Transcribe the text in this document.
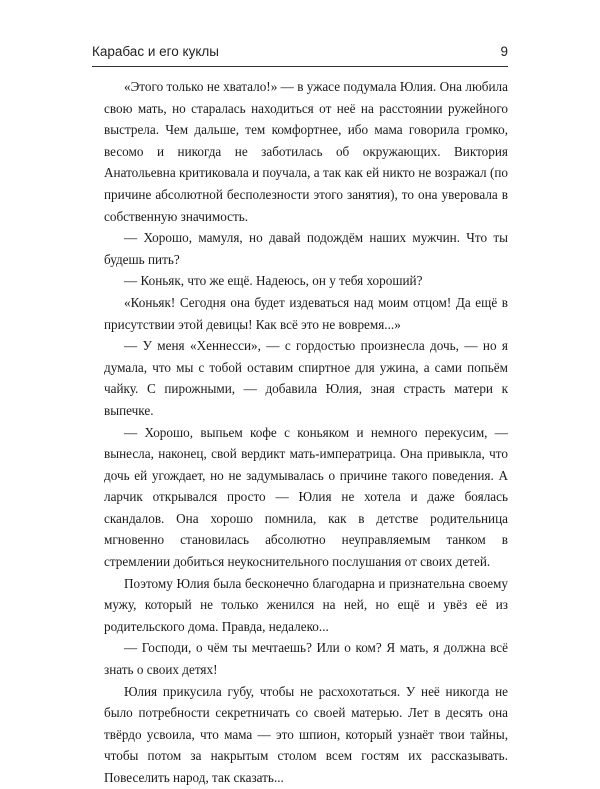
Карабас и его куклы	9

«Этого только не хватало!» — в ужасе подумала Юлия. Она любила свою мать, но старалась находиться от неё на расстоянии ружейного выстрела. Чем дальше, тем комфортнее, ибо мама говорила громко, весомо и никогда не заботилась об окружающих. Виктория Анатольевна критиковала и поучала, а так как ей никто не возражал (по причине абсолютной бесполезности этого занятия), то она уверовала в собственную значимость.

— Хорошо, мамуля, но давай подождём наших мужчин. Что ты будешь пить?

— Коньяк, что же ещё. Надеюсь, он у тебя хороший?

«Коньяк! Сегодня она будет издеваться над моим отцом! Да ещё в присутствии этой девицы! Как всё это не вовремя...»

— У меня «Хеннесси», — с гордостью произнесла дочь, — но я думала, что мы с тобой оставим спиртное для ужина, а сами попьём чайку. С пирожными, — добавила Юлия, зная страсть матери к выпечке.

— Хорошо, выпьем кофе с коньяком и немного перекусим, — вынесла, наконец, свой вердикт мать-императрица. Она привыкла, что дочь ей угождает, но не задумывалась о причине такого поведения. А ларчик открывался просто — Юлия не хотела и даже боялась скандалов. Она хорошо помнила, как в детстве родительница мгновенно становилась абсолютно неуправляемым танком в стремлении добиться неукоснительного послушания от своих детей.

Поэтому Юлия была бесконечно благодарна и признательна своему мужу, который не только женился на ней, но ещё и увёз её из родительского дома. Правда, недалеко...

— Господи, о чём ты мечтаешь? Или о ком? Я мать, я должна всё знать о своих детях!

Юлия прикусила губу, чтобы не расхохотаться. У неё никогда не было потребности секретничать со своей матерью. Лет в десять она твёрдо усвоила, что мама — это шпион, который узнаёт твои тайны, чтобы потом за накрытым столом всем гостям их рассказывать. Повеселить народ, так сказать...
